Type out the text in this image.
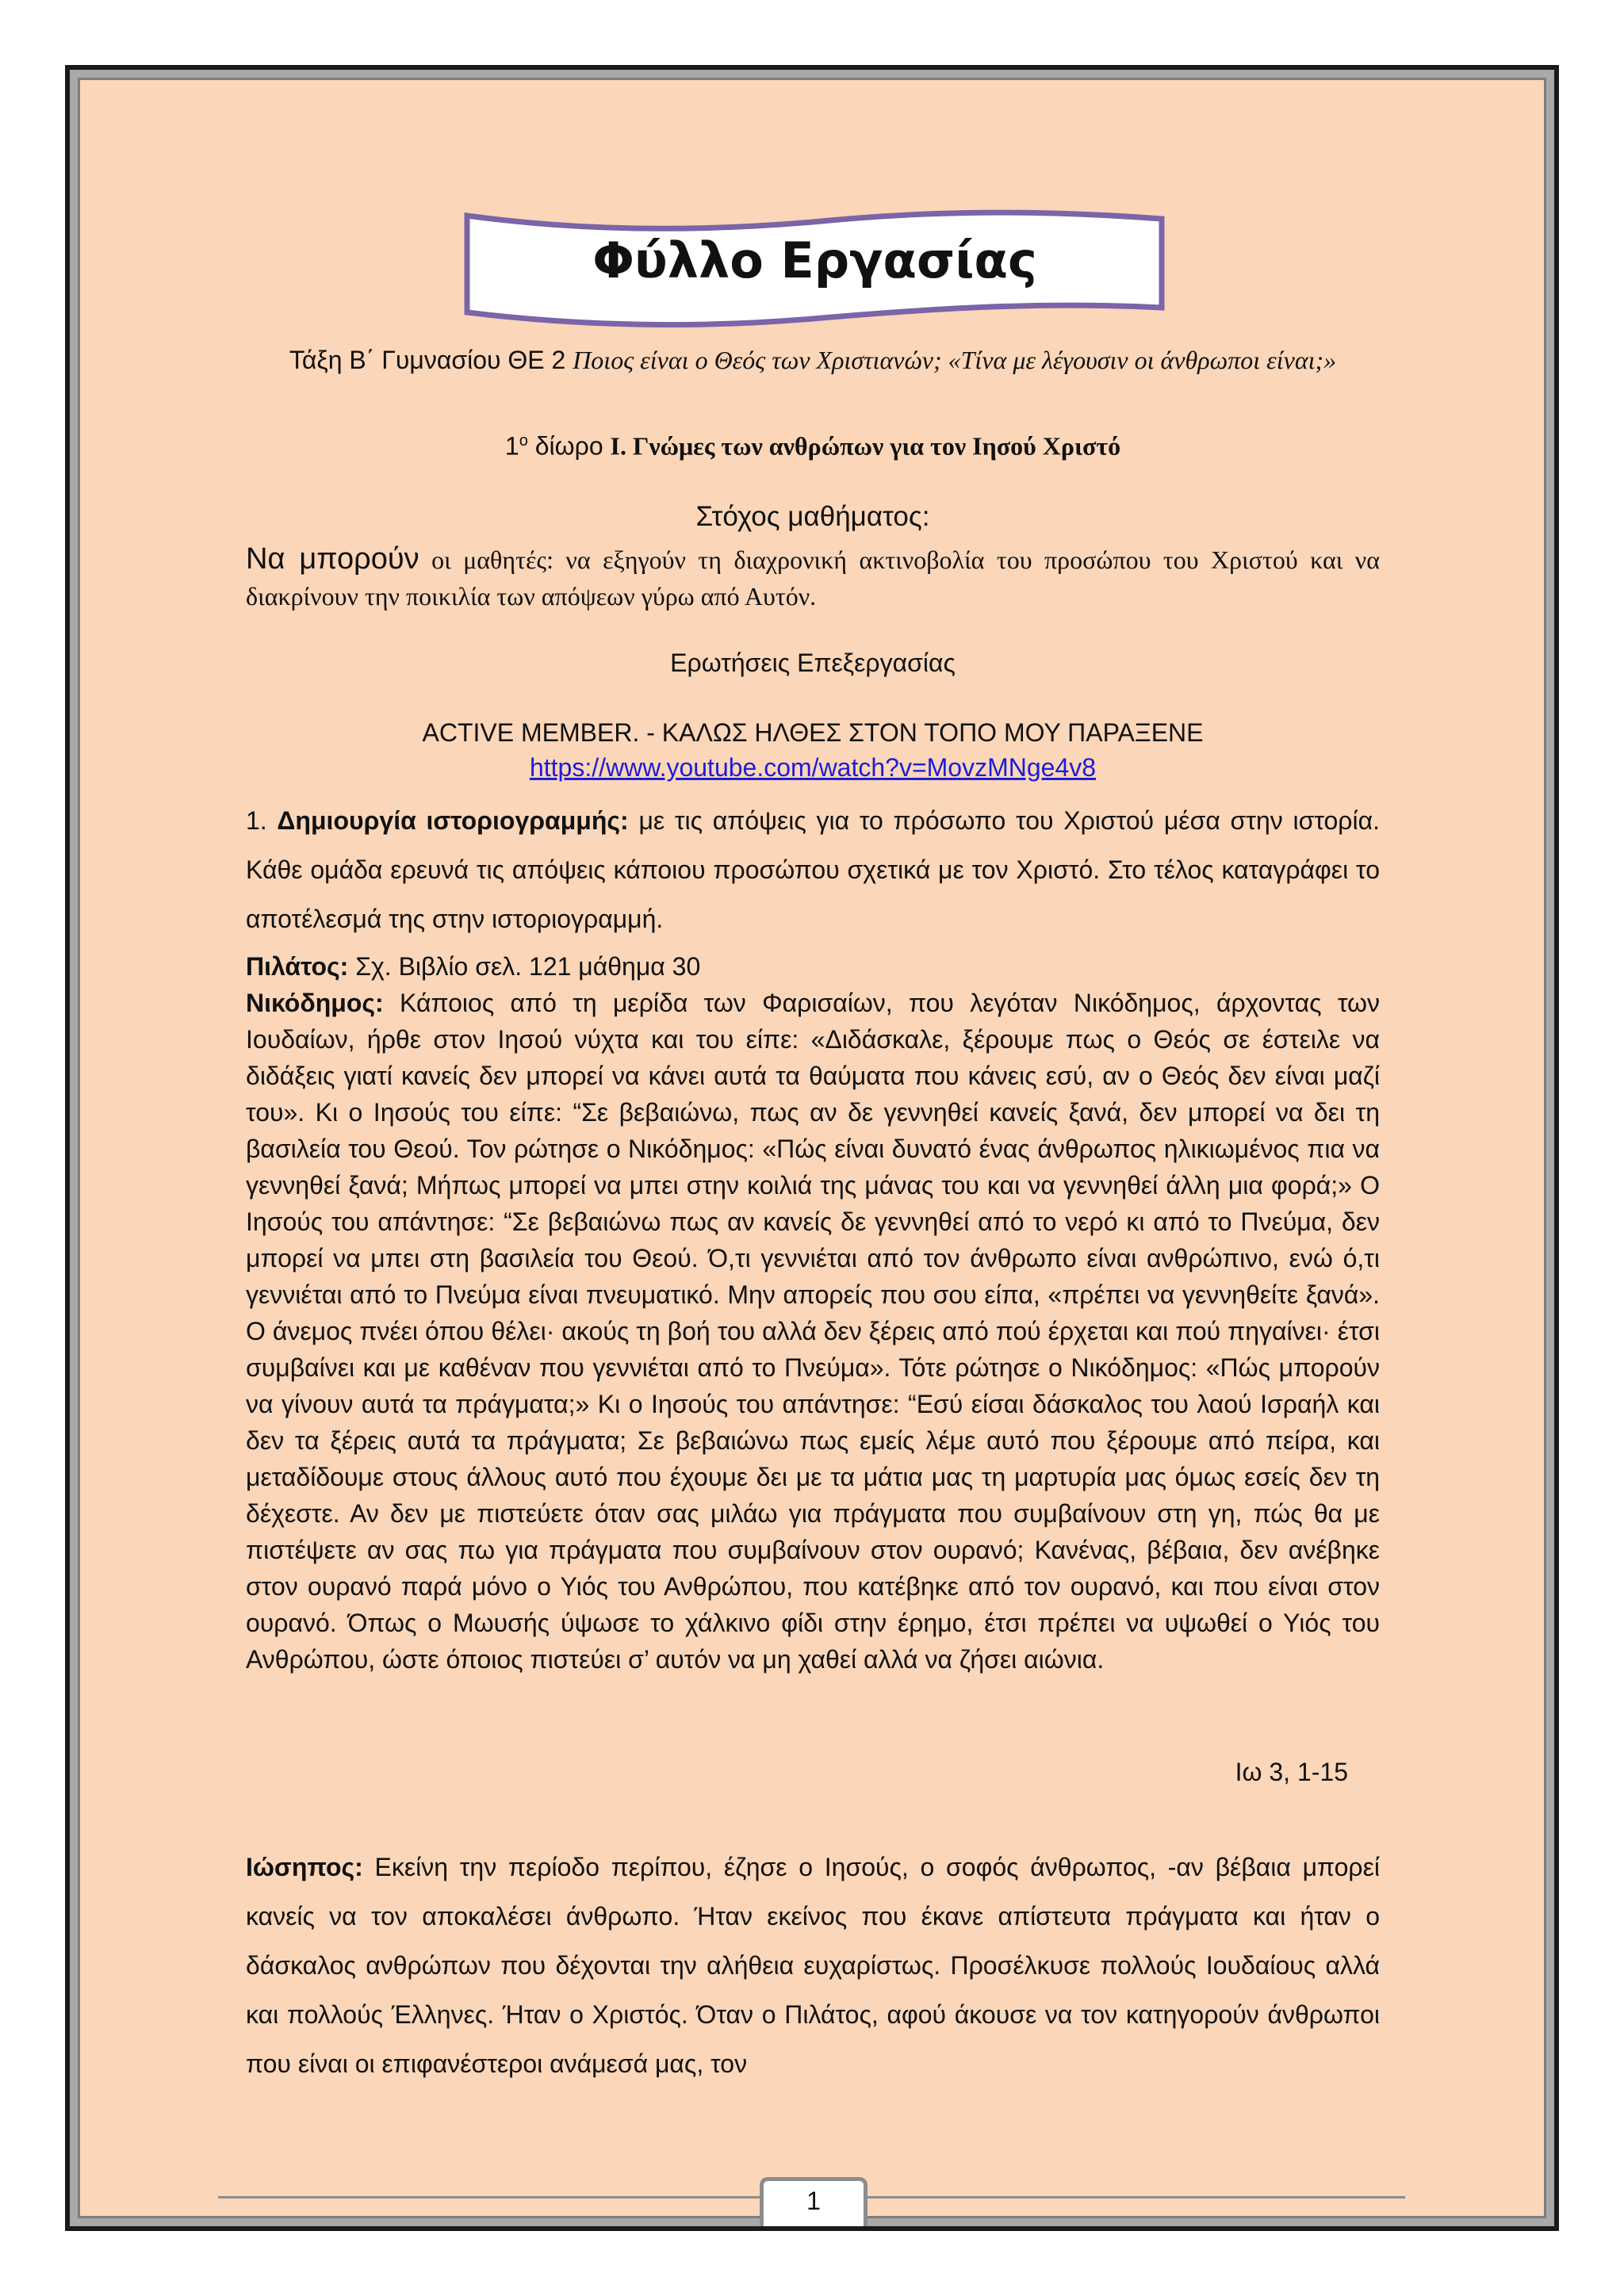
Φύλλο Εργασίας
Τάξη Β΄ Γυμνασίου ΘΕ 2 Ποιος είναι ο Θεός των Χριστιανών; «Τίνα με λέγουσιν οι άνθρωποι είναι;»
$1^o$ δίωρο Ι. Γνώμες των ανθρώπων για τον Ιησού Χριστό
Στόχος μαθήματος:
Να μπορούν οι μαθητές: να εξηγούν τη διαχρονική ακτινοβολία του προσώπου του Χριστού και να διακρίνουν την ποικιλία των απόψεων γύρω από Αυτόν.
Ερωτήσεις Επεξεργασίας
ACTIVE MEMBER. - ΚΑΛΩΣ ΗΛΘΕΣ ΣΤΟΝ ΤΟΠΟ ΜΟΥ ΠΑΡΑΞΕΝΕ
https://www.youtube.com/watch?v=MovzMNge4v8
1. Δημιουργία ιστοριογραμμής: με τις απόψεις για το πρόσωπο του Χριστού μέσα στην ιστορία. Κάθε ομάδα ερευνά τις απόψεις κάποιου προσώπου σχετικά με τον Χριστό. Στο τέλος καταγράφει το αποτέλεσμά της στην ιστοριογραμμή.
Πιλάτος: Σχ. Βιβλίο σελ. 121 μάθημα 30
Νικόδημος: Κάποιος από τη μερίδα των Φαρισαίων, που λεγόταν Νικόδημος, άρχοντας των Ιουδαίων, ήρθε στον Ιησού νύχτα και του είπε: «Διδάσκαλε, ξέρουμε πως ο Θεός σε έστειλε να διδάξεις γιατί κανείς δεν μπορεί να κάνει αυτά τα θαύματα που κάνεις εσύ, αν ο Θεός δεν είναι μαζί του». Κι ο Ιησούς του είπε: “Σε βεβαιώνω, πως αν δε γεννηθεί κανείς ξανά, δεν μπορεί να δει τη βασιλεία του Θεού. Τον ρώτησε ο Νικόδημος: «Πώς είναι δυνατό ένας άνθρωπος ηλικιωμένος πια να γεννηθεί ξανά; Μήπως μπορεί να μπει στην κοιλιά της μάνας του και να γεννηθεί άλλη μια φορά;» Ο Ιησούς του απάντησε: “Σε βεβαιώνω πως αν κανείς δε γεννηθεί από το νερό κι από το Πνεύμα, δεν μπορεί να μπει στη βασιλεία του Θεού. Ό,τι γεννιέται από τον άνθρωπο είναι ανθρώπινο, ενώ ό,τι γεννιέται από το Πνεύμα είναι πνευματικό. Μην απορείς που σου είπα, «πρέπει να γεννηθείτε ξανά». Ο άνεμος πνέει όπου θέλει· ακούς τη βοή του αλλά δεν ξέρεις από πού έρχεται και πού πηγαίνει· έτσι συμβαίνει και με καθέναν που γεννιέται από το Πνεύμα». Τότε ρώτησε ο Νικόδημος: «Πώς μπορούν να γίνουν αυτά τα πράγματα;» Κι ο Ιησούς του απάντησε: “Εσύ είσαι δάσκαλος του λαού Ισραήλ και δεν τα ξέρεις αυτά τα πράγματα; Σε βεβαιώνω πως εμείς λέμε αυτό που ξέρουμε από πείρα, και μεταδίδουμε στους άλλους αυτό που έχουμε δει με τα μάτια μας τη μαρτυρία μας όμως εσείς δεν τη δέχεστε. Αν δεν με πιστεύετε όταν σας μιλάω για πράγματα που συμβαίνουν στη γη, πώς θα με πιστέψετε αν σας πω για πράγματα που συμβαίνουν στον ουρανό; Κανένας, βέβαια, δεν ανέβηκε στον ουρανό παρά μόνο ο Υιός του Ανθρώπου, που κατέβηκε από τον ουρανό, και που είναι στον ουρανό. Όπως ο Μωυσής ύψωσε το χάλκινο φίδι στην έρημο, έτσι πρέπει να υψωθεί ο Υιός του Ανθρώπου, ώστε όποιος πιστεύει σ’ αυτόν να μη χαθεί αλλά να ζήσει αιώνια.
Ιω 3, 1-15
Ιώσηπος: Εκείνη την περίοδο περίπου, έζησε ο Ιησούς, ο σοφός άνθρωπος, -αν βέβαια μπορεί κανείς να τον αποκαλέσει άνθρωπο. Ήταν εκείνος που έκανε απίστευτα πράγματα και ήταν ο δάσκαλος ανθρώπων που δέχονται την αλήθεια ευχαρίστως. Προσέλκυσε πολλούς Ιουδαίους αλλά και πολλούς Έλληνες. Ήταν ο Χριστός. Όταν ο Πιλάτος, αφού άκουσε να τον κατηγορούν άνθρωποι που είναι οι επιφανέστεροι ανάμεσά μας, τον
1
